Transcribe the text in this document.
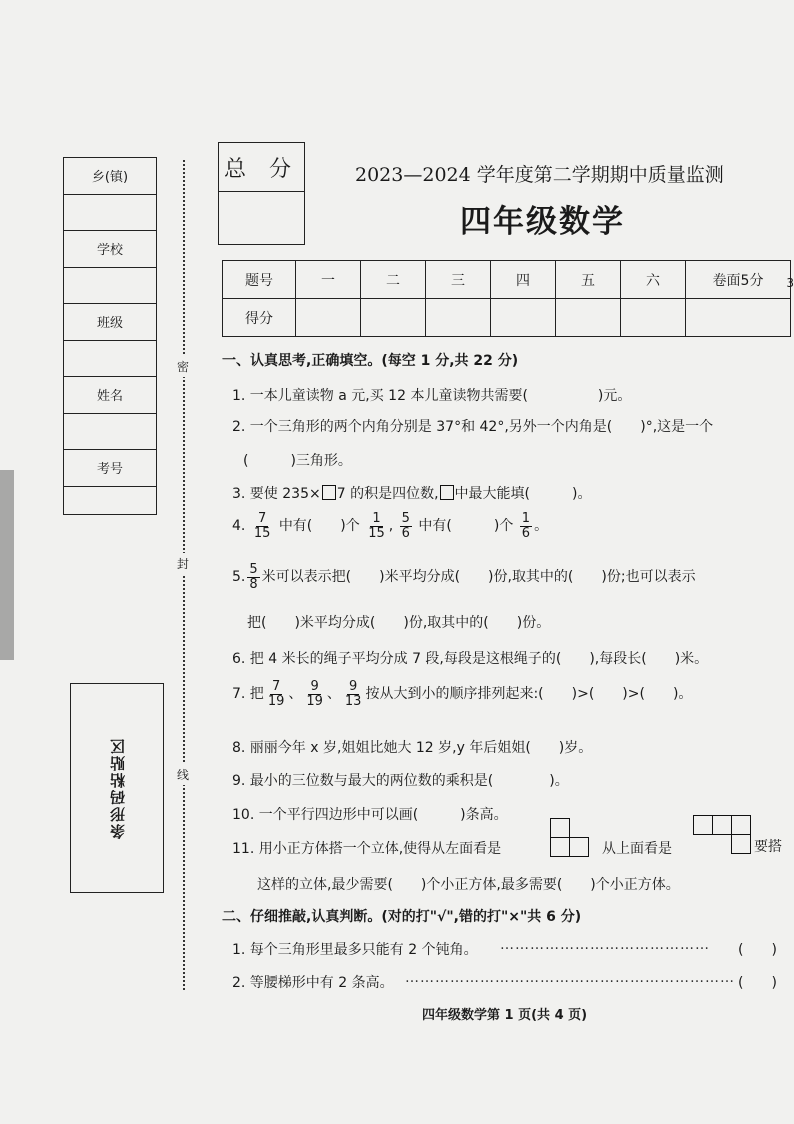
乡(镇)
学校
班级
姓名
考号
密
封
线
条形码粘贴区
总 分	2023—2024 学年度第二学期期中质量监测
四年级数学
题号	一	二	三	四	五	六	卷面5分
得分							
3
一、认真思考,正确填空。(每空 1 分,共 22 分)
1. 一本儿童读物 a 元,买 12 本儿童读物共需要(　　　　　)元。
2. 一个三角形的两个内角分别是 37°和 42°,另外一个内角是(　　)°,这是一个
(　　　)三角形。
3. 要使 235× 7 的积是四位数, 中最大能填(　　　)。
4. $\frac{7}{15}$ 中有(　　)个 $\frac{1}{15}$ , $\frac{5}{6}$ 中有(　　　)个 $\frac{1}{6}$ 。
5. $\frac{5}{8}$ 米可以表示把(　　)米平均分成(　　)份,取其中的(　　)份;也可以表示
把(　　)米平均分成(　　)份,取其中的(　　)份。
6. 把 4 米长的绳子平均分成 7 段,每段是这根绳子的(　　),每段长(　　)米。
7. 把 $\frac{7}{19}$ 、 $\frac{9}{19}$ 、 $\frac{9}{13}$ 按从大到小的顺序排列起来:(　　)>(　　)>(　　)。
8. 丽丽今年 x 岁,姐姐比她大 12 岁,y 年后姐姐(　　)岁。
9. 最小的三位数与最大的两位数的乘积是(　　　　)。
10. 一个平行四边形中可以画(　　　)条高。
11. 用小正方体搭一个立体,使得从左面看是	从上面看是	要搭
这样的立体,最少需要(　　)个小正方体,最多需要(　　)个小正方体。
二、仔细推敲,认真判断。(对的打"√",错的打"×"共 6 分)
1. 每个三角形里最多只能有 2 个钝角。 ……………………………………	(　　)
2. 等腰梯形中有 2 条高。 ………………………………………………………… (　　)
四年级数学第 1 页(共 4 页)
